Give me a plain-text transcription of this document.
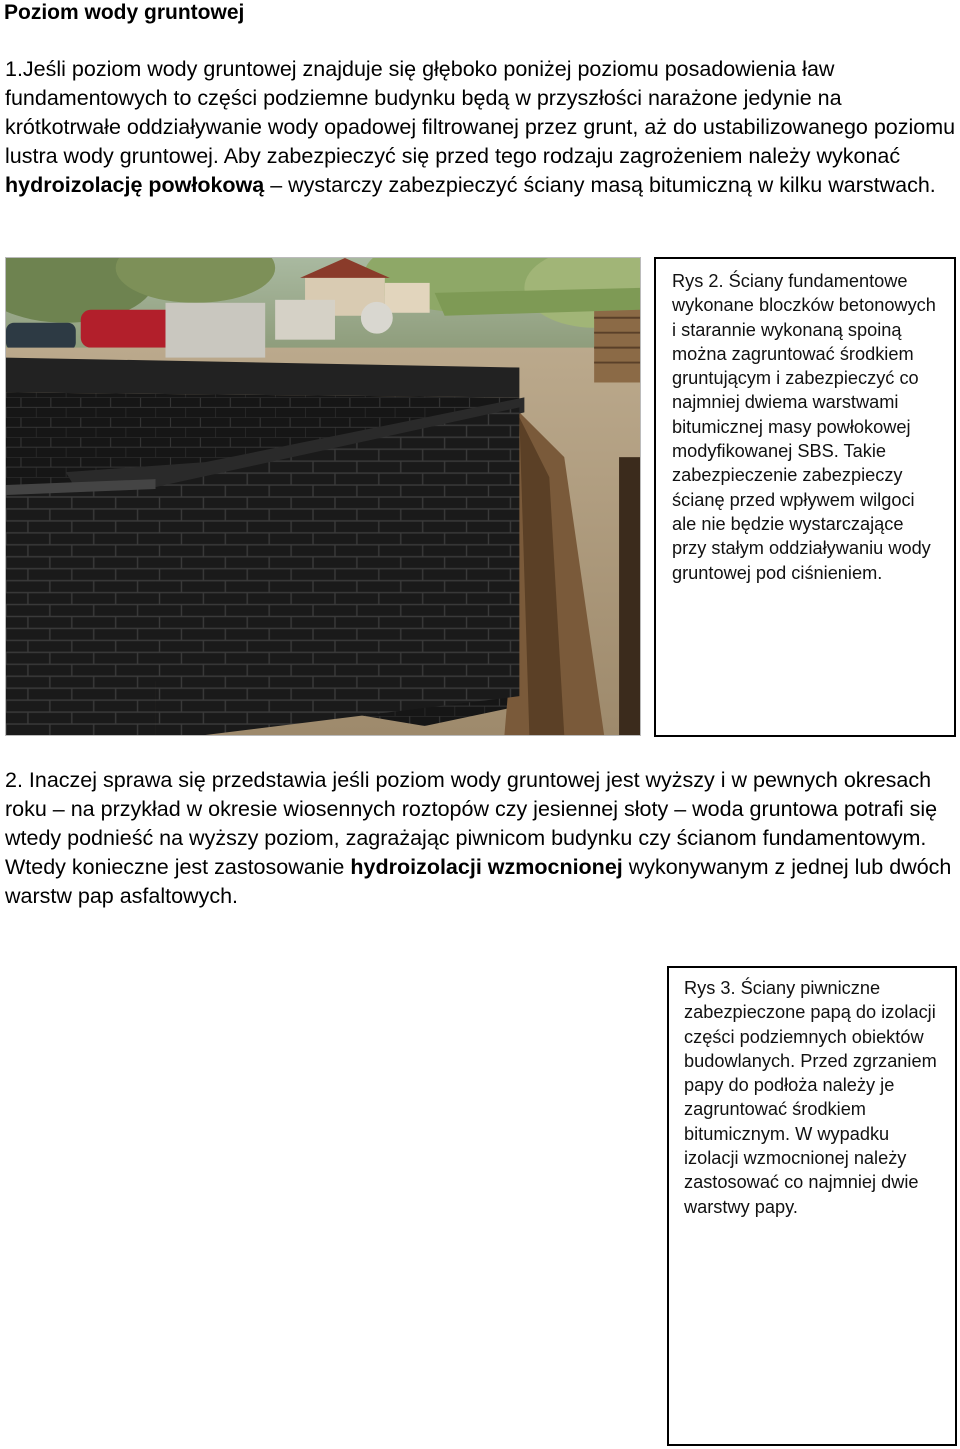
Poziom wody gruntowej

1.Jeśli poziom wody gruntowej znajduje się głęboko poniżej poziomu posadowienia ław fundamentowych to części podziemne budynku będą w przyszłości narażone jedynie na krótkotrwałe oddziaływanie wody opadowej filtrowanej przez grunt, aż do ustabilizowanego poziomu lustra wody gruntowej. Aby zabezpieczyć się przed tego rodzaju zagrożeniem należy wykonać hydroizolację powłokową – wystarczy zabezpieczyć ściany masą bitumiczną w kilku warstwach.

Rys 2. Ściany fundamentowe wykonane bloczków betonowych i starannie wykonaną spoiną można zagruntować środkiem gruntującym i zabezpieczyć co najmniej dwiema warstwami bitumicznej masy powłokowej modyfikowanej SBS. Takie zabezpieczenie zabezpieczy ścianę przed wpływem wilgoci ale nie będzie wystarczające przy stałym oddziaływaniu wody gruntowej pod ciśnieniem.

2. Inaczej sprawa się przedstawia jeśli poziom wody gruntowej jest wyższy i w pewnych okresach roku – na przykład w okresie wiosennych roztopów czy jesiennej słoty – woda gruntowa potrafi się wtedy podnieść na wyższy poziom, zagrażając piwnicom budynku czy ścianom fundamentowym. Wtedy konieczne jest zastosowanie hydroizolacji wzmocnionej wykonywanym z jednej lub dwóch warstw pap asfaltowych.

Rys 3. Ściany piwniczne zabezpieczone papą do izolacji części podziemnych obiektów budowlanych. Przed zgrzaniem papy do podłoża należy je zagruntować środkiem bitumicznym. W wypadku izolacji wzmocnionej należy zastosować co najmniej dwie warstwy papy.
